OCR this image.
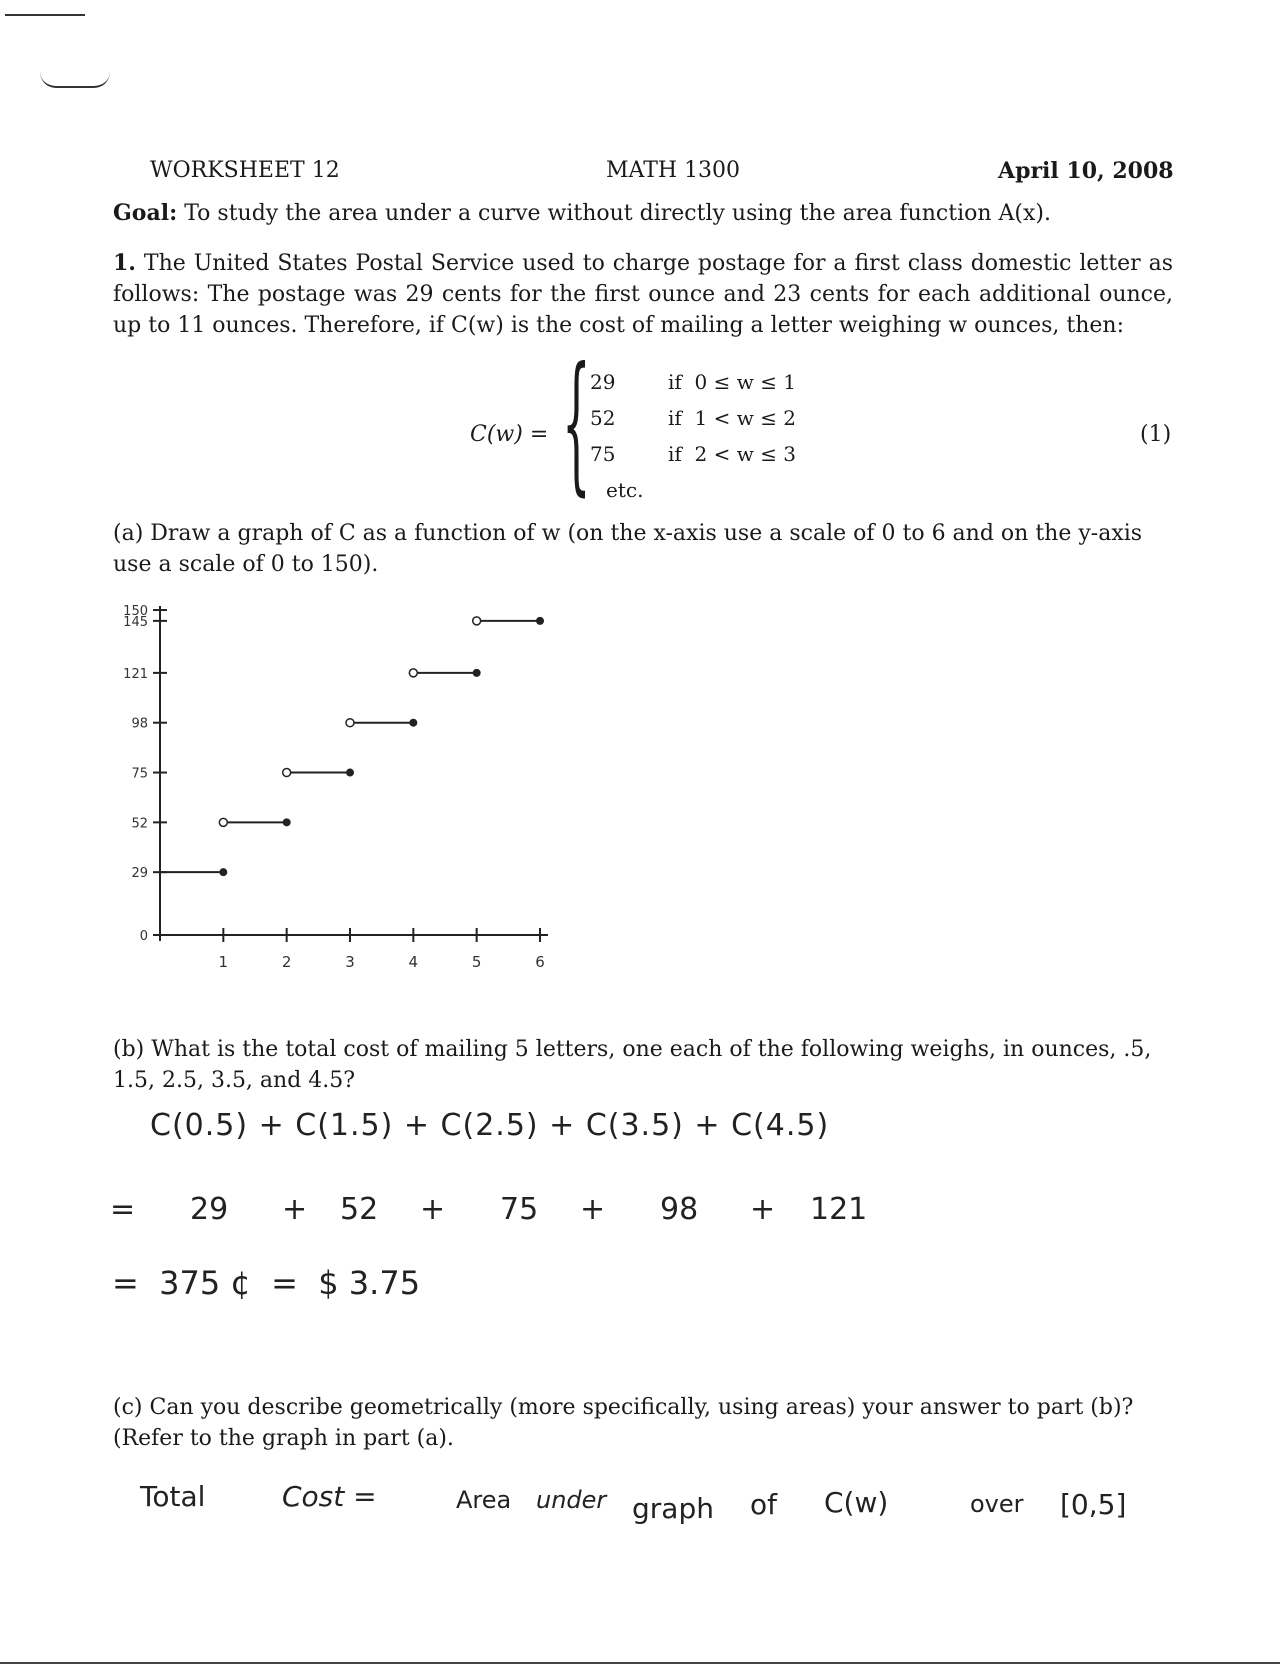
WORKSHEET 12	MATH 1300	April 10, 2008
Goal: To study the area under a curve without directly using the area function A(x).
1. The United States Postal Service used to charge postage for a first class domestic letter as follows: The postage was 29 cents for the first ounce and 23 cents for each additional ounce, up to 11 ounces. Therefore, if C(w) is the cost of mailing a letter weighing w ounces, then:
C(w) = { 29	if  0 ≤ w ≤ 1
52	if  1 < w ≤ 2
75	if  2 < w ≤ 3
etc.
(1)
(a) Draw a graph of C as a function of w (on the x-axis use a scale of 0 to 6 and on the y-axis use a scale of 0 to 150).
0
29
52
75
98
121
145
150
1	2	3	4	5	6
(b) What is the total cost of mailing 5 letters, one each of the following weighs, in ounces, .5, 1.5, 2.5, 3.5, and 4.5?
C(0.5) + C(1.5) + C(2.5) + C(3.5) + C(4.5)
= 29 + 52 + 75 + 98 + 121
=  375 ¢  =  $ 3.75
(c) Can you describe geometrically (more specifically, using areas) your answer to part (b)? (Refer to the graph in part (a).
Total	Cost =	Area under graph of C(w)	over [0,5]
